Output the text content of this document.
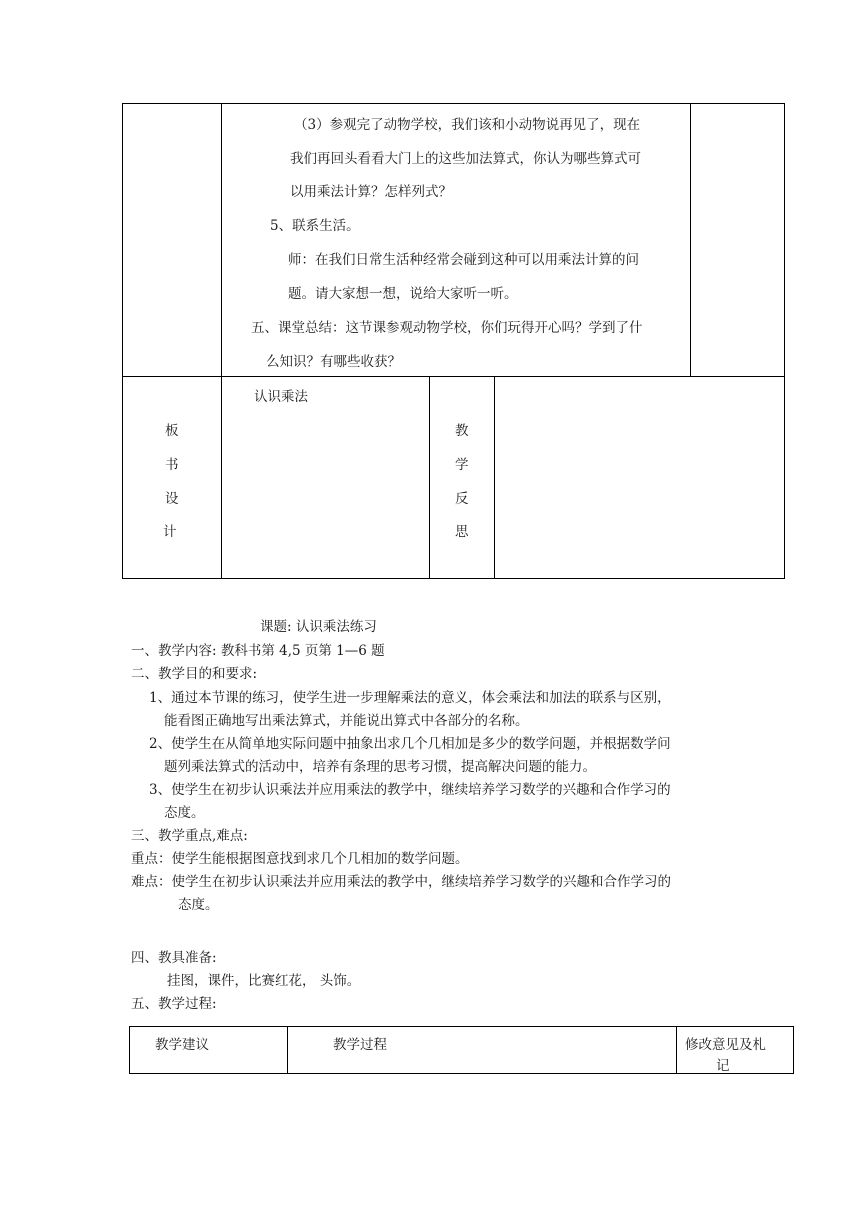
（3）参观完了动物学校，我们该和小动物说再见了，现在
我们再回头看看大门上的这些加法算式，你认为哪些算式可
以用乘法计算？怎样列式？
5、联系生活。
师：在我们日常生活种经常会碰到这种可以用乘法计算的问
题。请大家想一想，说给大家听一听。
五、课堂总结：这节课参观动物学校，你们玩得开心吗？学到了什
么知识？有哪些收获？
板
书
设
计
认识乘法
教
学
反
思
课题: 认识乘法练习
一、教学内容: 教科书第 4,5 页第 1—6 题
二、教学目的和要求:
1、通过本节课的练习，使学生进一步理解乘法的意义，体会乘法和加法的联系与区别，
能看图正确地写出乘法算式，并能说出算式中各部分的名称。
2、使学生在从简单地实际问题中抽象出求几个几相加是多少的数学问题，并根据数学问
题列乘法算式的活动中，培养有条理的思考习惯，提高解决问题的能力。
3、使学生在初步认识乘法并应用乘法的教学中，继续培养学习数学的兴趣和合作学习的
态度。
三、教学重点,难点:
重点：使学生能根据图意找到求几个几相加的数学问题。
难点：使学生在初步认识乘法并应用乘法的教学中，继续培养学习数学的兴趣和合作学习的
态度。
四、教具准备:
挂图，课件，比赛红花， 头饰。
五、教学过程:
教学建议	教学过程	修改意见及札
记
